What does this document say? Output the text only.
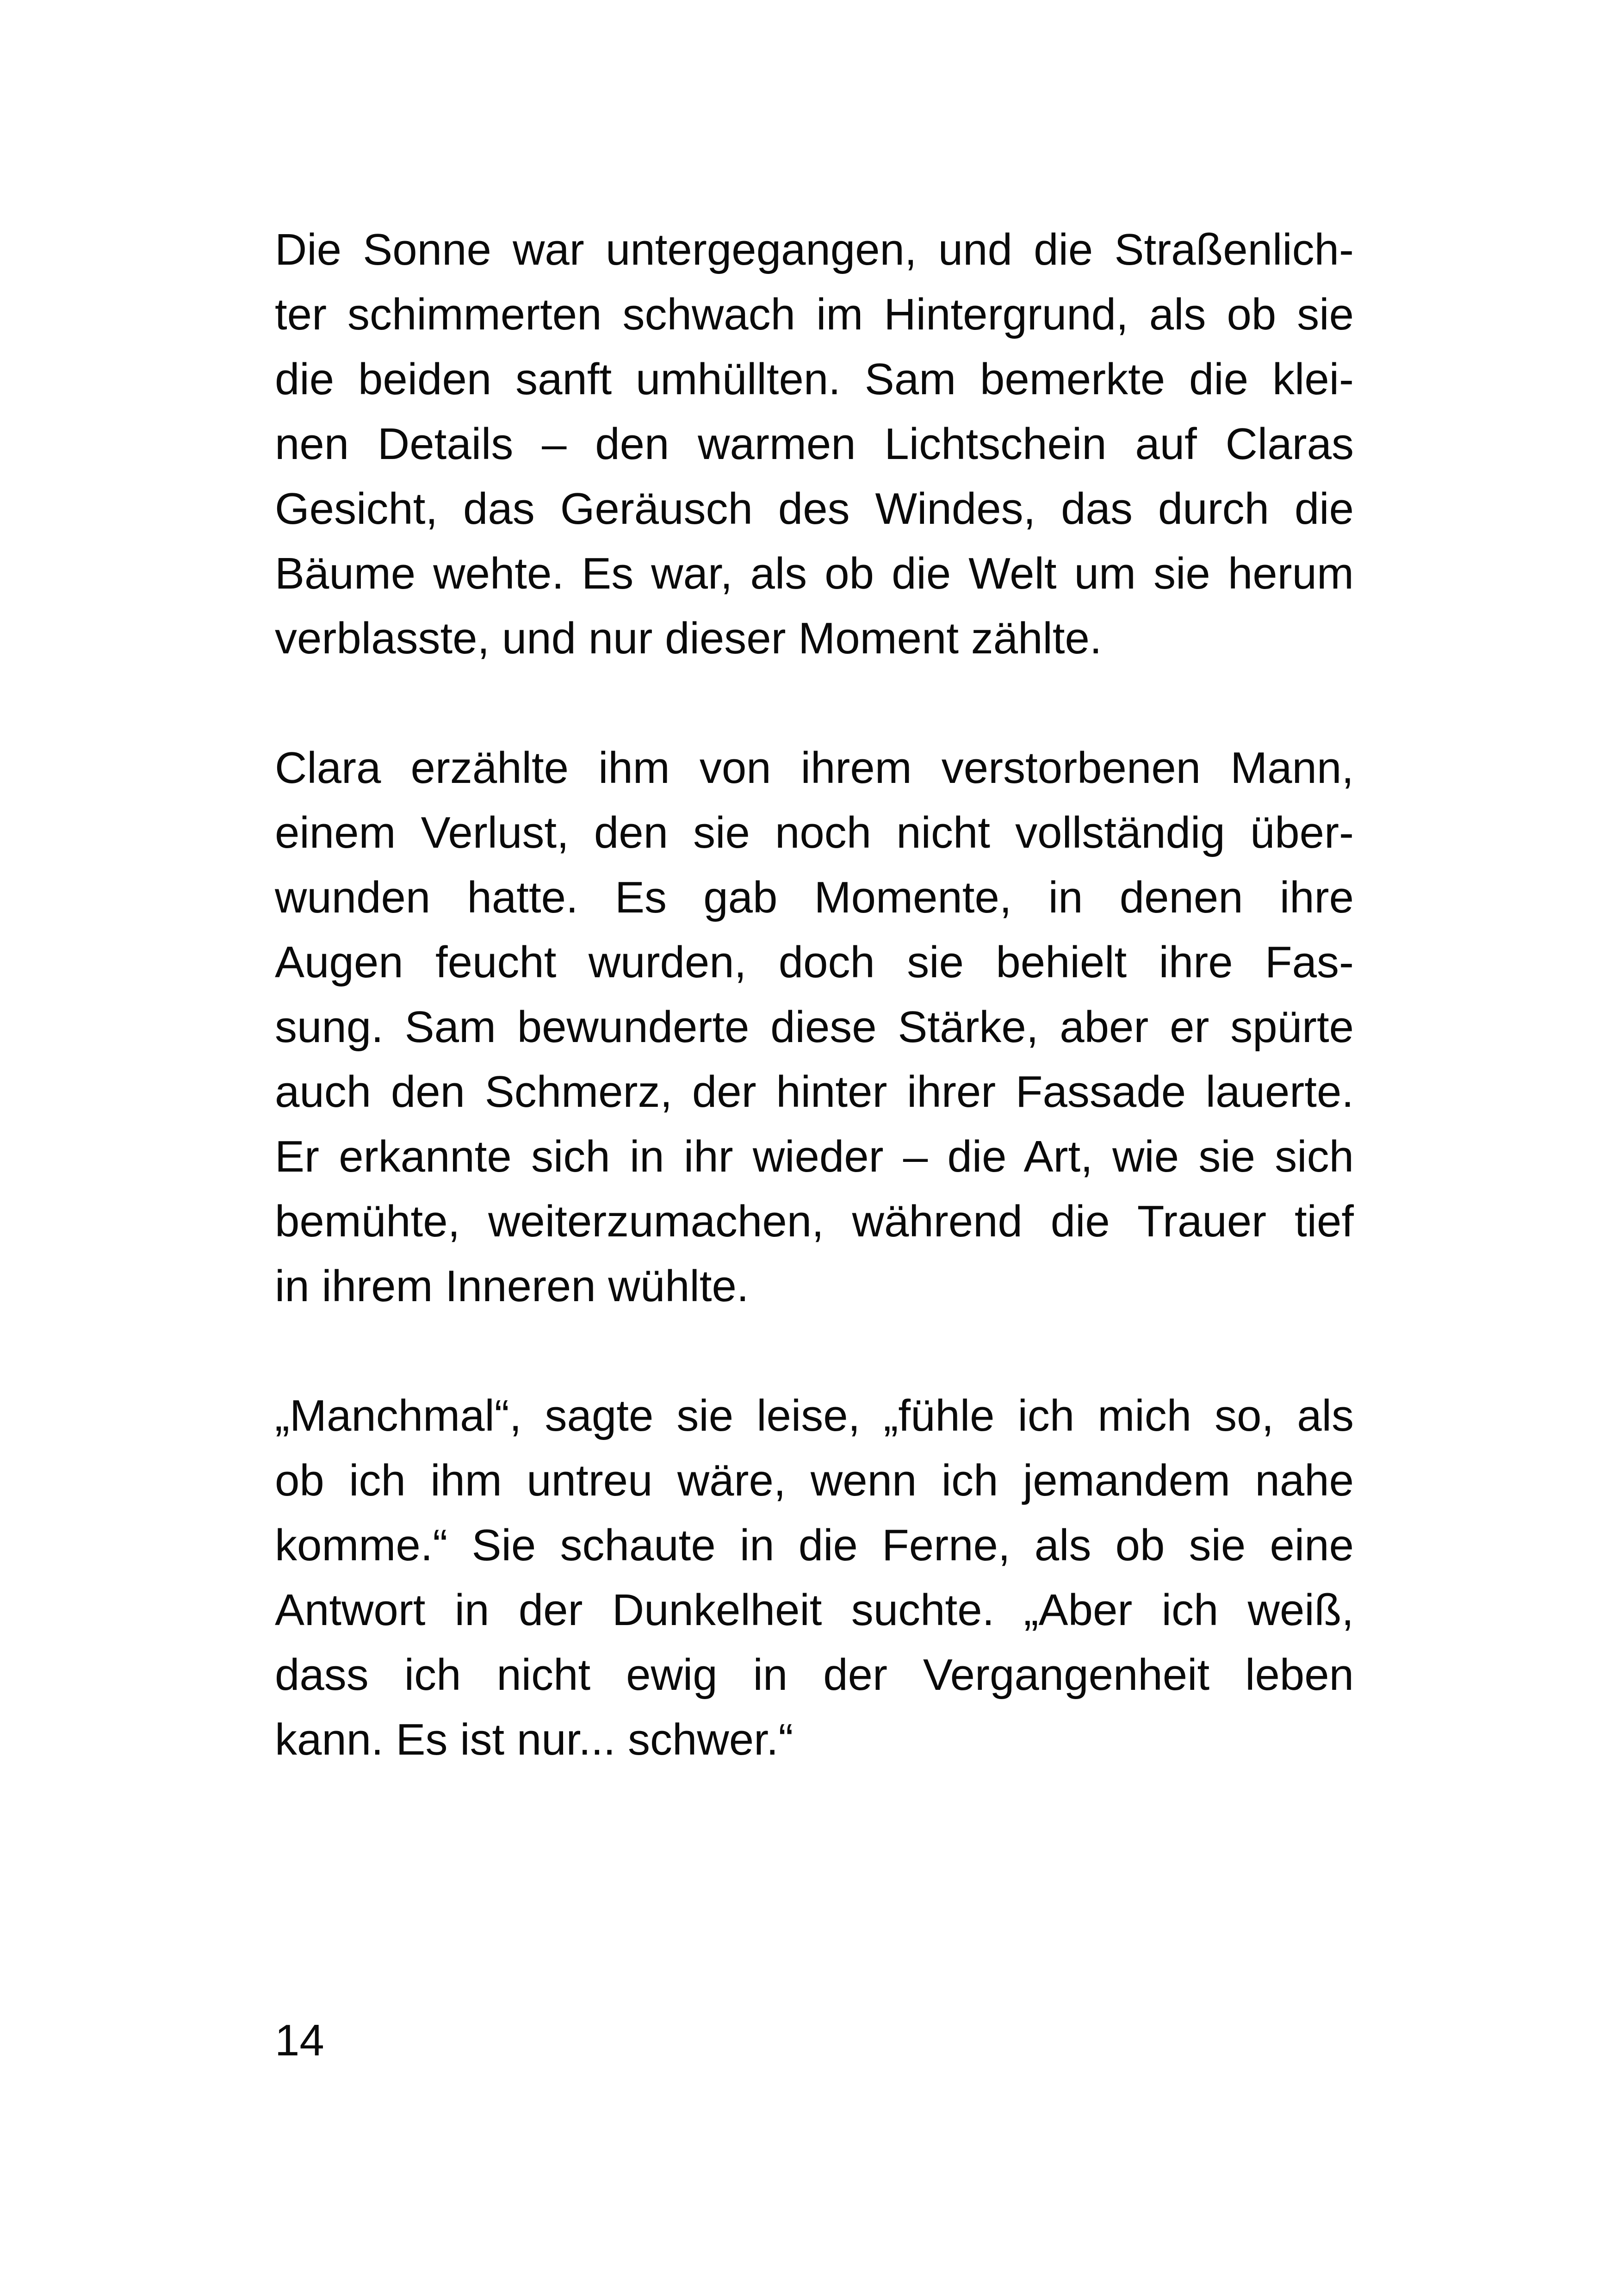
Die Sonne war untergegangen, und die Straßenlich-
ter schimmerten schwach im Hintergrund, als ob sie
die beiden sanft umhüllten. Sam bemerkte die klei-
nen Details – den warmen Lichtschein auf Claras
Gesicht, das Geräusch des Windes, das durch die
Bäume wehte. Es war, als ob die Welt um sie herum
verblasste, und nur dieser Moment zählte.
Clara erzählte ihm von ihrem verstorbenen Mann,
einem Verlust, den sie noch nicht vollständig über-
wunden hatte. Es gab Momente, in denen ihre
Augen feucht wurden, doch sie behielt ihre Fas-
sung. Sam bewunderte diese Stärke, aber er spürte
auch den Schmerz, der hinter ihrer Fassade lauerte.
Er erkannte sich in ihr wieder – die Art, wie sie sich
bemühte, weiterzumachen, während die Trauer tief
in ihrem Inneren wühlte.
„Manchmal“, sagte sie leise, „fühle ich mich so, als
ob ich ihm untreu wäre, wenn ich jemandem nahe
komme.“ Sie schaute in die Ferne, als ob sie eine
Antwort in der Dunkelheit suchte. „Aber ich weiß,
dass ich nicht ewig in der Vergangenheit leben
kann. Es ist nur... schwer.“
14
